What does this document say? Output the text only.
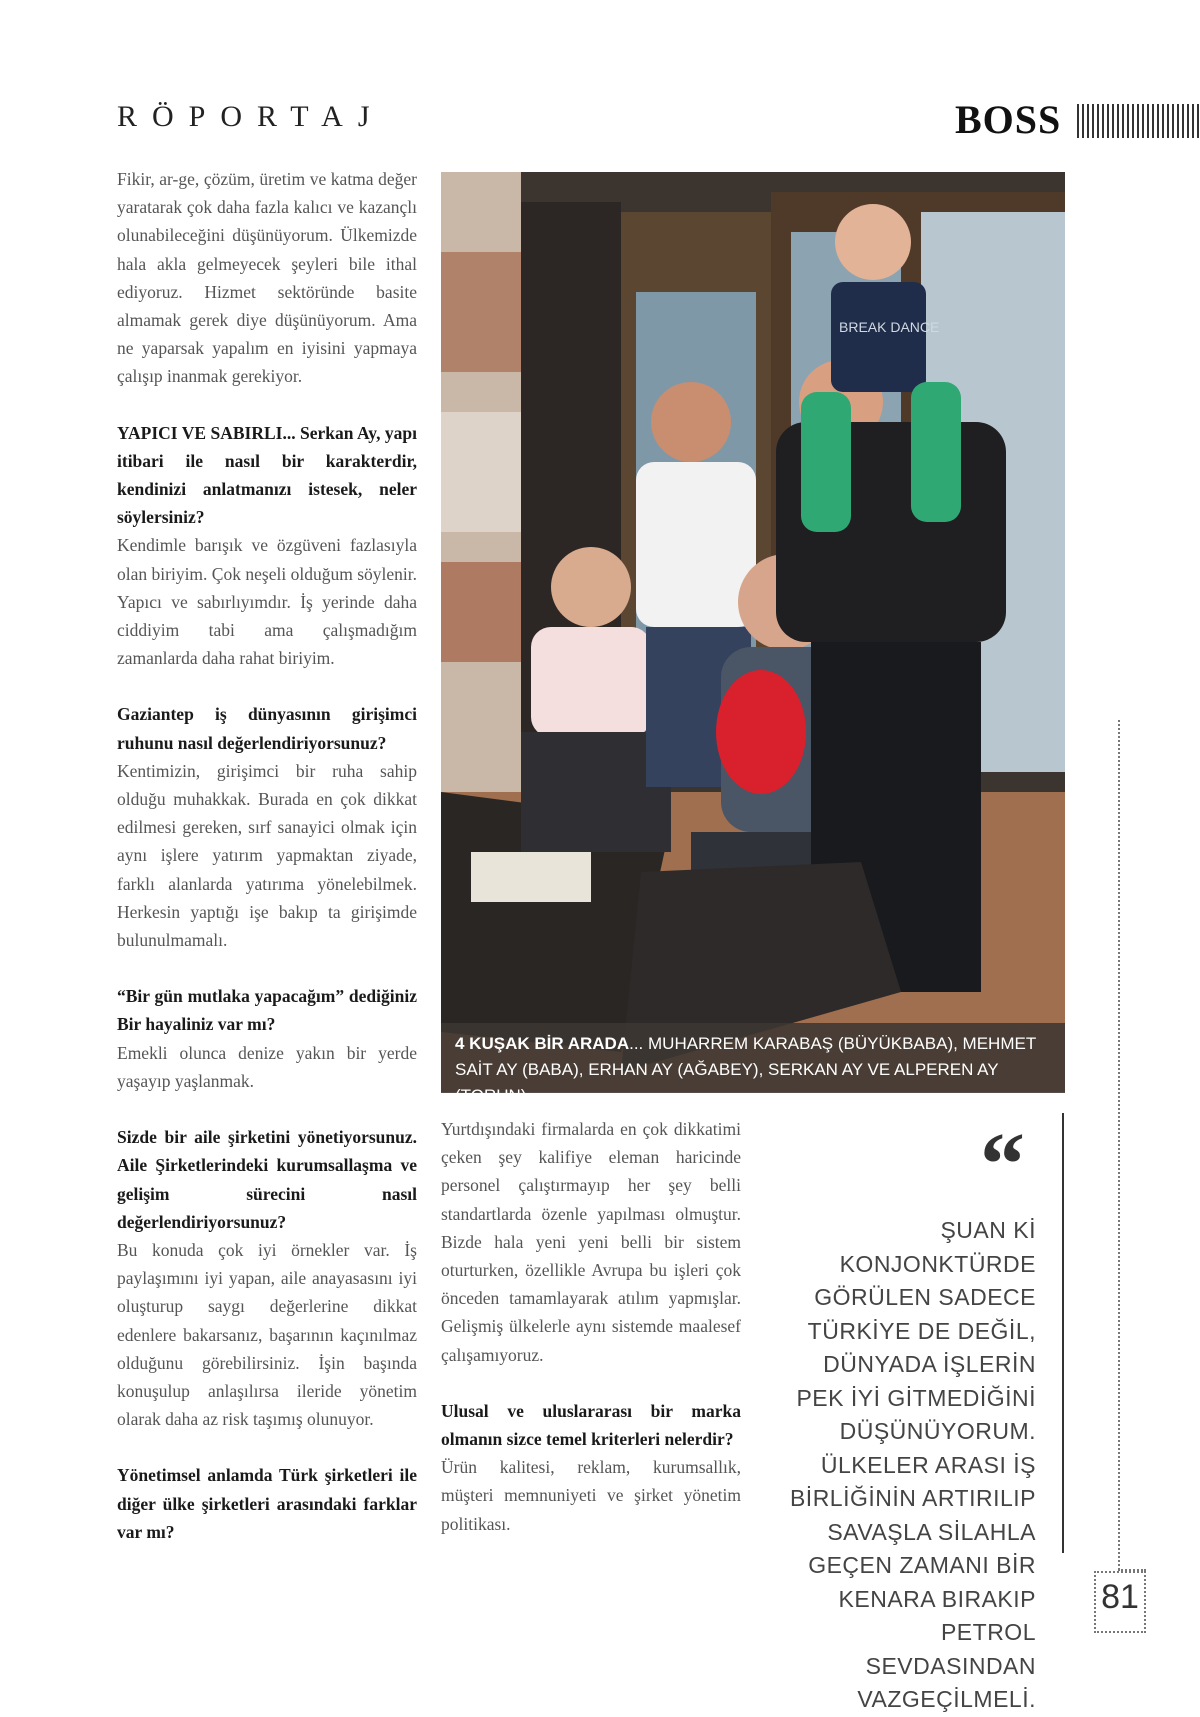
RÖPORTAJ	BOSS

Fikir, ar-ge, çözüm, üretim ve katma değer yaratarak çok daha fazla kalıcı ve kazançlı olunabileceğini düşünüyorum. Ülkemizde hala akla gelmeyecek şeyleri bile ithal ediyoruz. Hizmet sektöründe basite almamak gerek diye düşünüyorum. Ama ne yaparsak yapalım en iyisini yapmaya çalışıp inanmak gerekiyor.

YAPICI VE SABIRLI... Serkan Ay, yapı itibari ile nasıl bir karakterdir, kendinizi anlatmanızı istesek, neler söylersiniz?

Kendimle barışık ve özgüveni fazlasıyla olan biriyim. Çok neşeli olduğum söylenir. Yapıcı ve sabırlıyımdır. İş yerinde daha ciddiyim tabi ama çalışmadığım zamanlarda daha rahat biriyim.

Gaziantep iş dünyasının girişimci ruhunu nasıl değerlendiriyorsunuz?

Kentimizin, girişimci bir ruha sahip olduğu muhakkak. Burada en çok dikkat edilmesi gereken, sırf sanayici olmak için aynı işlere yatırım yapmaktan ziyade, farklı alanlarda yatırıma yönelebilmek. Herkesin yaptığı işe bakıp ta girişimde bulunulmamalı.

“Bir gün mutlaka yapacağım” dediğiniz Bir hayaliniz var mı?

Emekli olunca denize yakın bir yerde yaşayıp yaşlanmak.

Sizde bir aile şirketini yönetiyorsunuz. Aile Şirketlerindeki kurumsallaşma ve gelişim sürecini nasıl değerlendiriyorsunuz?

Bu konuda çok iyi örnekler var. İş paylaşımını iyi yapan, aile anayasasını iyi oluşturup saygı değerlerine dikkat edenlere bakarsanız, başarının kaçınılmaz olduğunu görebilirsiniz. İşin başında konuşulup anlaşılırsa ileride yönetim olarak daha az risk taşımış olunuyor.

Yönetimsel anlamda Türk şirketleri ile diğer ülke şirketleri arasındaki farklar var mı?

BREAK DANCE
4 KUŞAK BİR ARADA... MUHARREM KARABAŞ (BÜYÜKBABA), MEHMET SAİT AY (BABA), ERHAN AY (AĞABEY), SERKAN AY VE ALPEREN AY (TORUN)

Yurtdışındaki firmalarda en çok dikkatimi çeken şey kalifiye eleman haricinde personel çalıştırmayıp her şey belli standartlarda özenle yapılması olmuştur. Bizde hala yeni yeni belli bir sistem oturturken, özellikle Avrupa bu işleri çok önceden tamamlayarak atılım yapmışlar. Gelişmiş ülkelerle aynı sistemde maalesef çalışamıyoruz.

Ulusal ve uluslararası bir marka olmanın sizce temel kriterleri nelerdir?

Ürün kalitesi, reklam, kurumsallık, müşteri memnuniyeti ve şirket yönetim politikası.

“
ŞUAN Kİ KONJONKTÜRDE GÖRÜLEN SADECE TÜRKİYE DE DEĞİL, DÜNYADA İŞLERİN PEK İYİ GİTMEDİĞİNİ DÜŞÜNÜYORUM. ÜLKELER ARASI İŞ BİRLİĞİNİN ARTIRILIP SAVAŞLA SİLAHLA GEÇEN ZAMANI BİR KENARA BIRAKIP PETROL SEVDASINDAN VAZGEÇİLMELİ.
81
